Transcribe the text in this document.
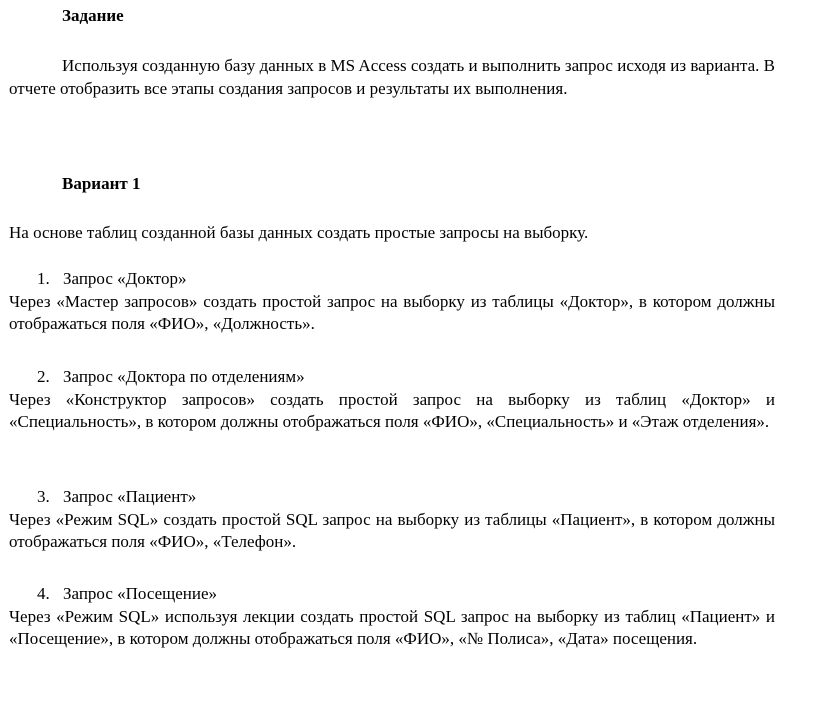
Задание

Используя созданную базу данных в MS Access создать и выполнить запрос исходя из варианта. В отчете отобразить все этапы создания запросов и результаты их выполнения.

Вариант 1

На основе таблиц созданной базы данных создать простые запросы на выборку.

1. Запрос «Доктор»

Через «Мастер запросов» создать простой запрос на выборку из таблицы «Доктор», в котором должны отображаться поля «ФИО», «Должность».

2. Запрос «Доктора по отделениям»

Через «Конструктор запросов» создать простой запрос на выборку из таблиц «Доктор» и «Специальность», в котором должны отображаться поля «ФИО», «Специальность» и «Этаж отделения».

3. Запрос «Пациент»

Через «Режим SQL» создать простой SQL запрос на выборку из таблицы «Пациент», в котором должны отображаться поля «ФИО», «Телефон».

4. Запрос «Посещение»

Через «Режим SQL» используя лекции создать простой SQL запрос на выборку из таблиц «Пациент» и «Посещение», в котором должны отображаться поля «ФИО», «№ Полиса», «Дата» посещения.
